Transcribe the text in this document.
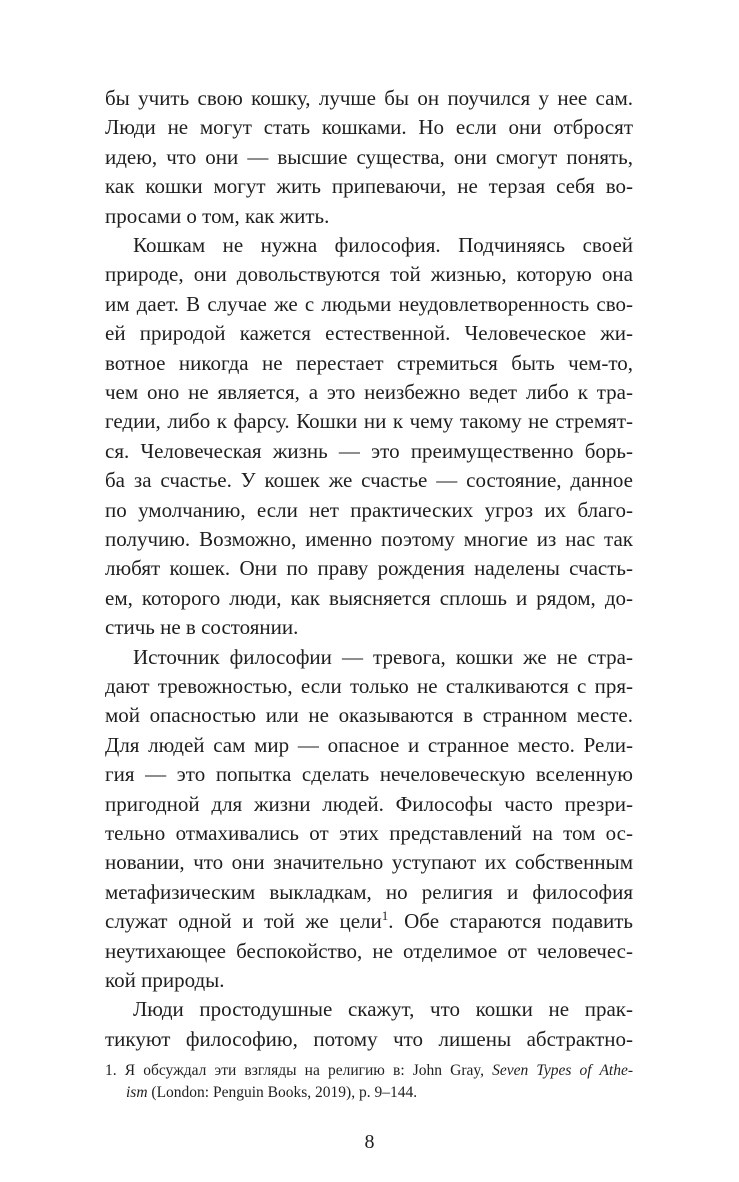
бы учить свою кошку, лучше бы он поучился у нее сам.
Люди не могут стать кошками. Но если они отбросят
идею, что они — высшие существа, они смогут понять,
как кошки могут жить припеваючи, не терзая себя во-
просами о том, как жить.
Кошкам не нужна философия. Подчиняясь своей
природе, они довольствуются той жизнью, которую она
им дает. В случае же с людьми неудовлетворенность сво-
ей природой кажется естественной. Человеческое жи-
вотное никогда не перестает стремиться быть чем-то,
чем оно не является, а это неизбежно ведет либо к тра-
гедии, либо к фарсу. Кошки ни к чему такому не стремят-
ся. Человеческая жизнь — это преимущественно борь-
ба за счастье. У кошек же счастье — состояние, данное
по умолчанию, если нет практических угроз их благо-
получию. Возможно, именно поэтому многие из нас так
любят кошек. Они по праву рождения наделены счасть-
ем, которого люди, как выясняется сплошь и рядом, до-
стичь не в состоянии.
Источник философии — тревога, кошки же не стра-
дают тревожностью, если только не сталкиваются с пря-
мой опасностью или не оказываются в странном месте.
Для людей сам мир — опасное и странное место. Рели-
гия — это попытка сделать нечеловеческую вселенную
пригодной для жизни людей. Философы часто презри-
тельно отмахивались от этих представлений на том ос-
новании, что они значительно уступают их собственным
метафизическим выкладкам, но религия и философия
служат одной и той же цели$^1$. Обе стараются подавить
неутихающее беспокойство, не отделимое от человечес-
кой природы.
Люди простодушные скажут, что кошки не прак-
тикуют философию, потому что лишены абстрактно-
1. Я обсуждал эти взгляды на религию в: John Gray, Seven Types of Athe-
ism (London: Penguin Books, 2019), p. 9–144.
8
